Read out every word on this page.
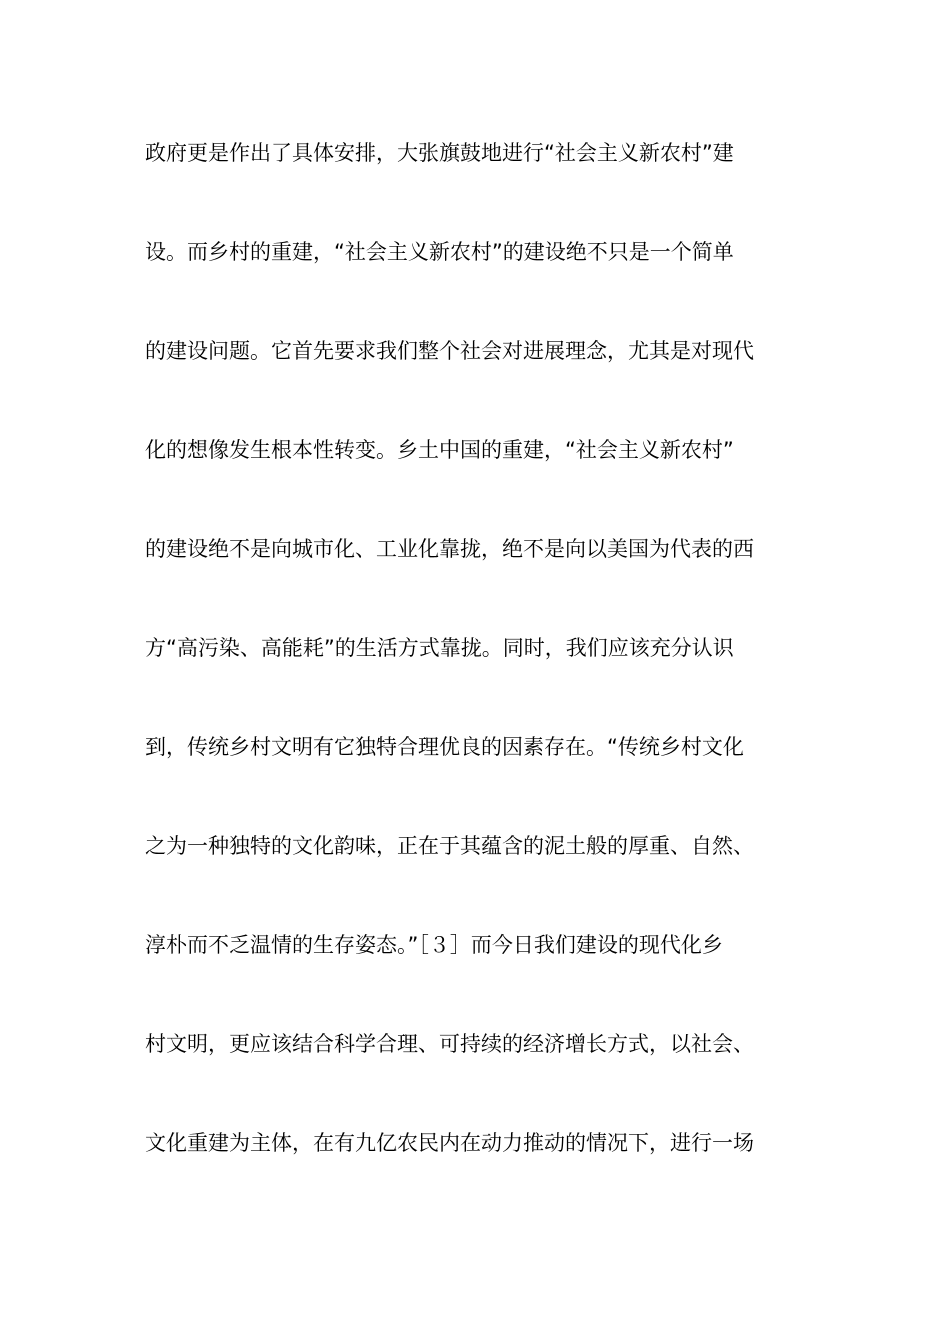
政府更是作出了具体安排，大张旗鼓地进行“社会主义新农村”建
设。而乡村的重建，“社会主义新农村”的建设绝不只是一个简单
的建设问题。它首先要求我们整个社会对进展理念，尤其是对现代
化的想像发生根本性转变。乡土中国的重建，“社会主义新农村”
的建设绝不是向城市化、工业化靠拢，绝不是向以美国为代表的西
方“高污染、高能耗”的生活方式靠拢。同时，我们应该充分认识
到，传统乡村文明有它独特合理优良的因素存在。“传统乡村文化
之为一种独特的文化韵味，正在于其蕴含的泥土般的厚重、自然、
淳朴而不乏温情的生存姿态。”［３］而今日我们建设的现代化乡
村文明，更应该结合科学合理、可持续的经济增长方式，以社会、
文化重建为主体，在有九亿农民内在动力推动的情况下，进行一场
